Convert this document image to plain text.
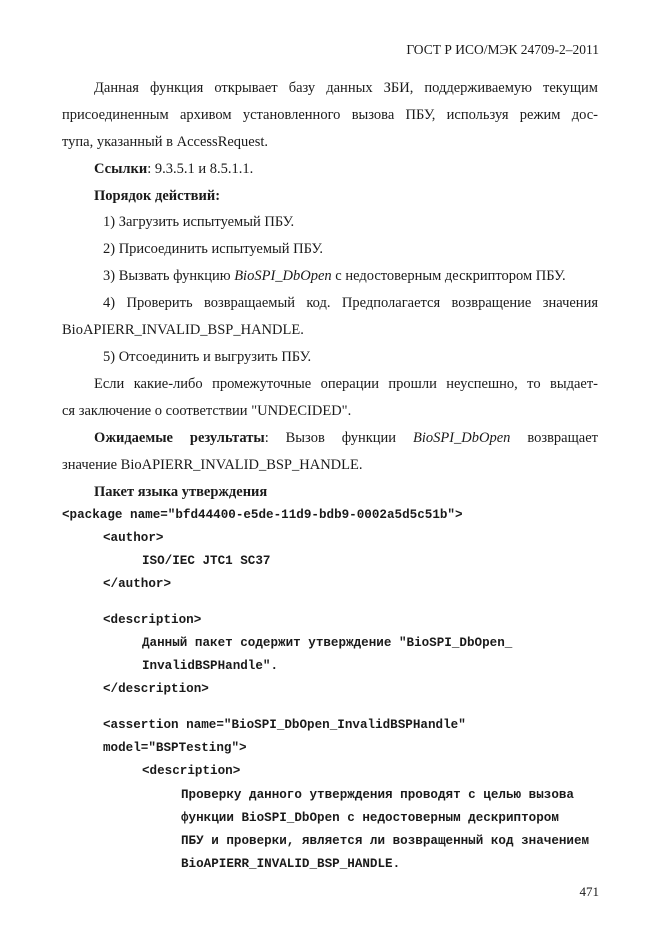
ГОСТ Р ИСО/МЭК 24709-2–2011
Данная функция открывает базу данных ЗБИ, поддерживаемую текущим
присоединенным архивом установленного вызова ПБУ, используя режим дос-
тупа, указанный в AccessRequest.
Ссылки: 9.3.5.1 и 8.5.1.1.
Порядок действий:
1) Загрузить испытуемый ПБУ.
2) Присоединить испытуемый ПБУ.
3) Вызвать функцию BioSPI_DbOpen с недостоверным дескриптором ПБУ.
4) Проверить возвращаемый код. Предполагается возвращение значения
BioAPIERR_INVALID_BSP_HANDLE.
5) Отсоединить и выгрузить ПБУ.
Если какие-либо промежуточные операции прошли неуспешно, то выдает-
ся заключение о соответствии "UNDECIDED".
Ожидаемые результаты: Вызов функции BioSPI_DbOpen возвращает
значение BioAPIERR_INVALID_BSP_HANDLE.
Пакет языка утверждения
<package name="bfd44400-e5de-11d9-bdb9-0002a5d5c51b">
<author>
ISO/IEC JTC1 SC37
</author>
<description>
Данный пакет содержит утверждение "BioSPI_DbOpen_
InvalidBSPHandle".
</description>
<assertion name="BioSPI_DbOpen_InvalidBSPHandle"
model="BSPTesting">
<description>
Проверку данного утверждения проводят с целью вызова
функции BioSPI_DbOpen с недостоверным дескриптором
ПБУ и проверки, является ли возвращенный код значением
BioAPIERR_INVALID_BSP_HANDLE.
471
